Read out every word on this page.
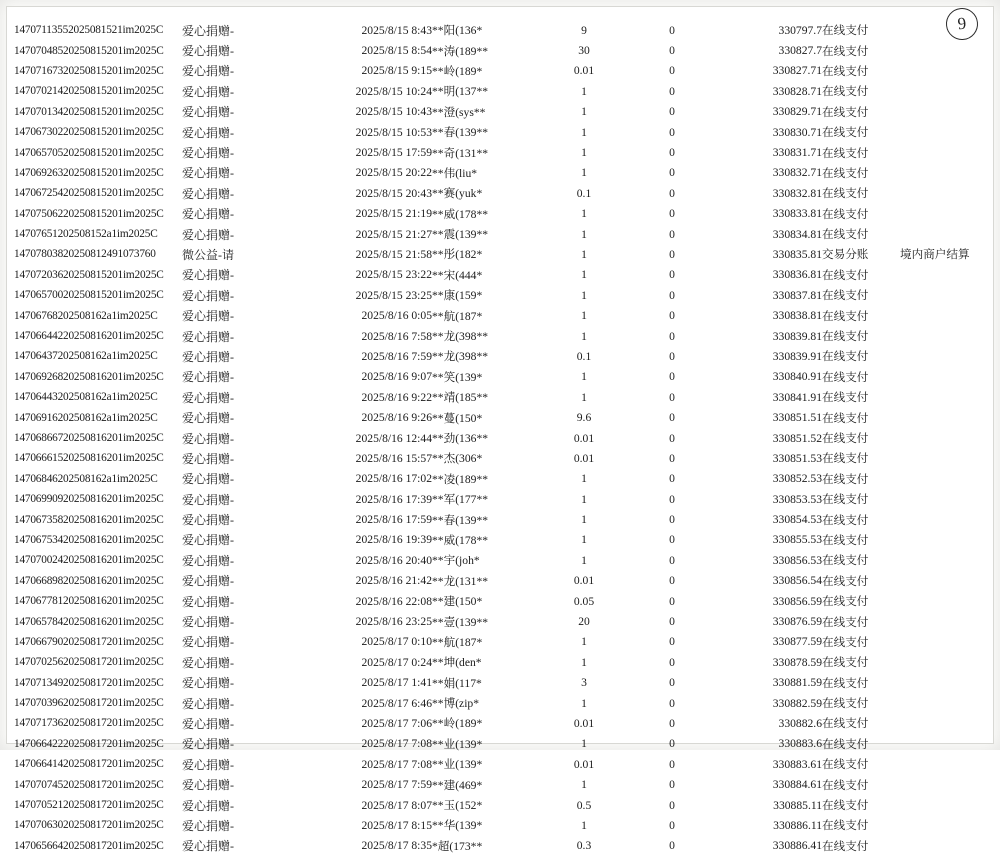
9
14707113552025081521im2025C	爱心捐赠-	2025/8/15 8:43	**阳(136*	9	0	330797.7	在线支付	
14707048520250815201im2025C	爱心捐赠-	2025/8/15 8:54	**涛(189**	30	0	330827.7	在线支付	
14707167320250815201im2025C	爱心捐赠-	2025/8/15 9:15	**岭(189*	0.01	0	330827.71	在线支付	
14707021420250815201im2025C	爱心捐赠-	2025/8/15 10:24	**明(137**	1	0	330828.71	在线支付	
14707013420250815201im2025C	爱心捐赠-	2025/8/15 10:43	**澄(sys**	1	0	330829.71	在线支付	
14706730220250815201im2025C	爱心捐赠-	2025/8/15 10:53	**春(139**	1	0	330830.71	在线支付	
14706570520250815201im2025C	爱心捐赠-	2025/8/15 17:59	**奇(131**	1	0	330831.71	在线支付	
14706926320250815201im2025C	爱心捐赠-	2025/8/15 20:22	**伟(liu*	1	0	330832.71	在线支付	
14706725420250815201im2025C	爱心捐赠-	2025/8/15 20:43	**赛(yuk*	0.1	0	330832.81	在线支付	
14707506220250815201im2025C	爱心捐赠-	2025/8/15 21:19	**威(178**	1	0	330833.81	在线支付	
14707651202508152a1im2025C	爱心捐赠-	2025/8/15 21:27	**震(139**	1	0	330834.81	在线支付	
14707803820250812491073760	微公益-请	2025/8/15 21:58	**彤(182*	1	0	330835.81	交易分账	境内商户结算
14707203620250815201im2025C	爱心捐赠-	2025/8/15 23:22	**宋(444*	1	0	330836.81	在线支付	
14706570020250815201im2025C	爱心捐赠-	2025/8/15 23:25	**康(159*	1	0	330837.81	在线支付	
14706768202508162a1im2025C	爱心捐赠-	2025/8/16 0:05	**航(187*	1	0	330838.81	在线支付	
14706644220250816201im2025C	爱心捐赠-	2025/8/16 7:58	**龙(398**	1	0	330839.81	在线支付	
14706437202508162a1im2025C	爱心捐赠-	2025/8/16 7:59	**龙(398**	0.1	0	330839.91	在线支付	
14706926820250816201im2025C	爱心捐赠-	2025/8/16 9:07	**笑(139*	1	0	330840.91	在线支付	
14706443202508162a1im2025C	爱心捐赠-	2025/8/16 9:22	**靖(185**	1	0	330841.91	在线支付	
14706916202508162a1im2025C	爱心捐赠-	2025/8/16 9:26	**蔓(150*	9.6	0	330851.51	在线支付	
14706866720250816201im2025C	爱心捐赠-	2025/8/16 12:44	**劲(136**	0.01	0	330851.52	在线支付	
14706661520250816201im2025C	爱心捐赠-	2025/8/16 15:57	**杰(306*	0.01	0	330851.53	在线支付	
14706846202508162a1im2025C	爱心捐赠-	2025/8/16 17:02	**凌(189**	1	0	330852.53	在线支付	
14706990920250816201im2025C	爱心捐赠-	2025/8/16 17:39	**军(177**	1	0	330853.53	在线支付	
14706735820250816201im2025C	爱心捐赠-	2025/8/16 17:59	**春(139**	1	0	330854.53	在线支付	
14706753420250816201im2025C	爱心捐赠-	2025/8/16 19:39	**威(178**	1	0	330855.53	在线支付	
14707002420250816201im2025C	爱心捐赠-	2025/8/16 20:40	**宇(joh*	1	0	330856.53	在线支付	
14706689820250816201im2025C	爱心捐赠-	2025/8/16 21:42	**龙(131**	0.01	0	330856.54	在线支付	
14706778120250816201im2025C	爱心捐赠-	2025/8/16 22:08	**建(150*	0.05	0	330856.59	在线支付	
14706578420250816201im2025C	爱心捐赠-	2025/8/16 23:25	**壹(139**	20	0	330876.59	在线支付	
14706679020250817201im2025C	爱心捐赠-	2025/8/17 0:10	**航(187*	1	0	330877.59	在线支付	
14707025620250817201im2025C	爱心捐赠-	2025/8/17 0:24	**坤(den*	1	0	330878.59	在线支付	
14707134920250817201im2025C	爱心捐赠-	2025/8/17 1:41	**娟(117*	3	0	330881.59	在线支付	
14707039620250817201im2025C	爱心捐赠-	2025/8/17 6:46	**博(zip*	1	0	330882.59	在线支付	
14707173620250817201im2025C	爱心捐赠-	2025/8/17 7:06	**岭(189*	0.01	0	330882.6	在线支付	
14706642220250817201im2025C	爱心捐赠-	2025/8/17 7:08	**业(139*	1	0	330883.6	在线支付	
14706641420250817201im2025C	爱心捐赠-	2025/8/17 7:08	**业(139*	0.01	0	330883.61	在线支付	
14707074520250817201im2025C	爱心捐赠-	2025/8/17 7:59	**建(469*	1	0	330884.61	在线支付	
14707052120250817201im2025C	爱心捐赠-	2025/8/17 8:07	**玉(152*	0.5	0	330885.11	在线支付	
14707063020250817201im2025C	爱心捐赠-	2025/8/17 8:15	**华(139*	1	0	330886.11	在线支付	
14706566420250817201im2025C	爱心捐赠-	2025/8/17 8:35	*超(173**	0.3	0	330886.41	在线支付	
